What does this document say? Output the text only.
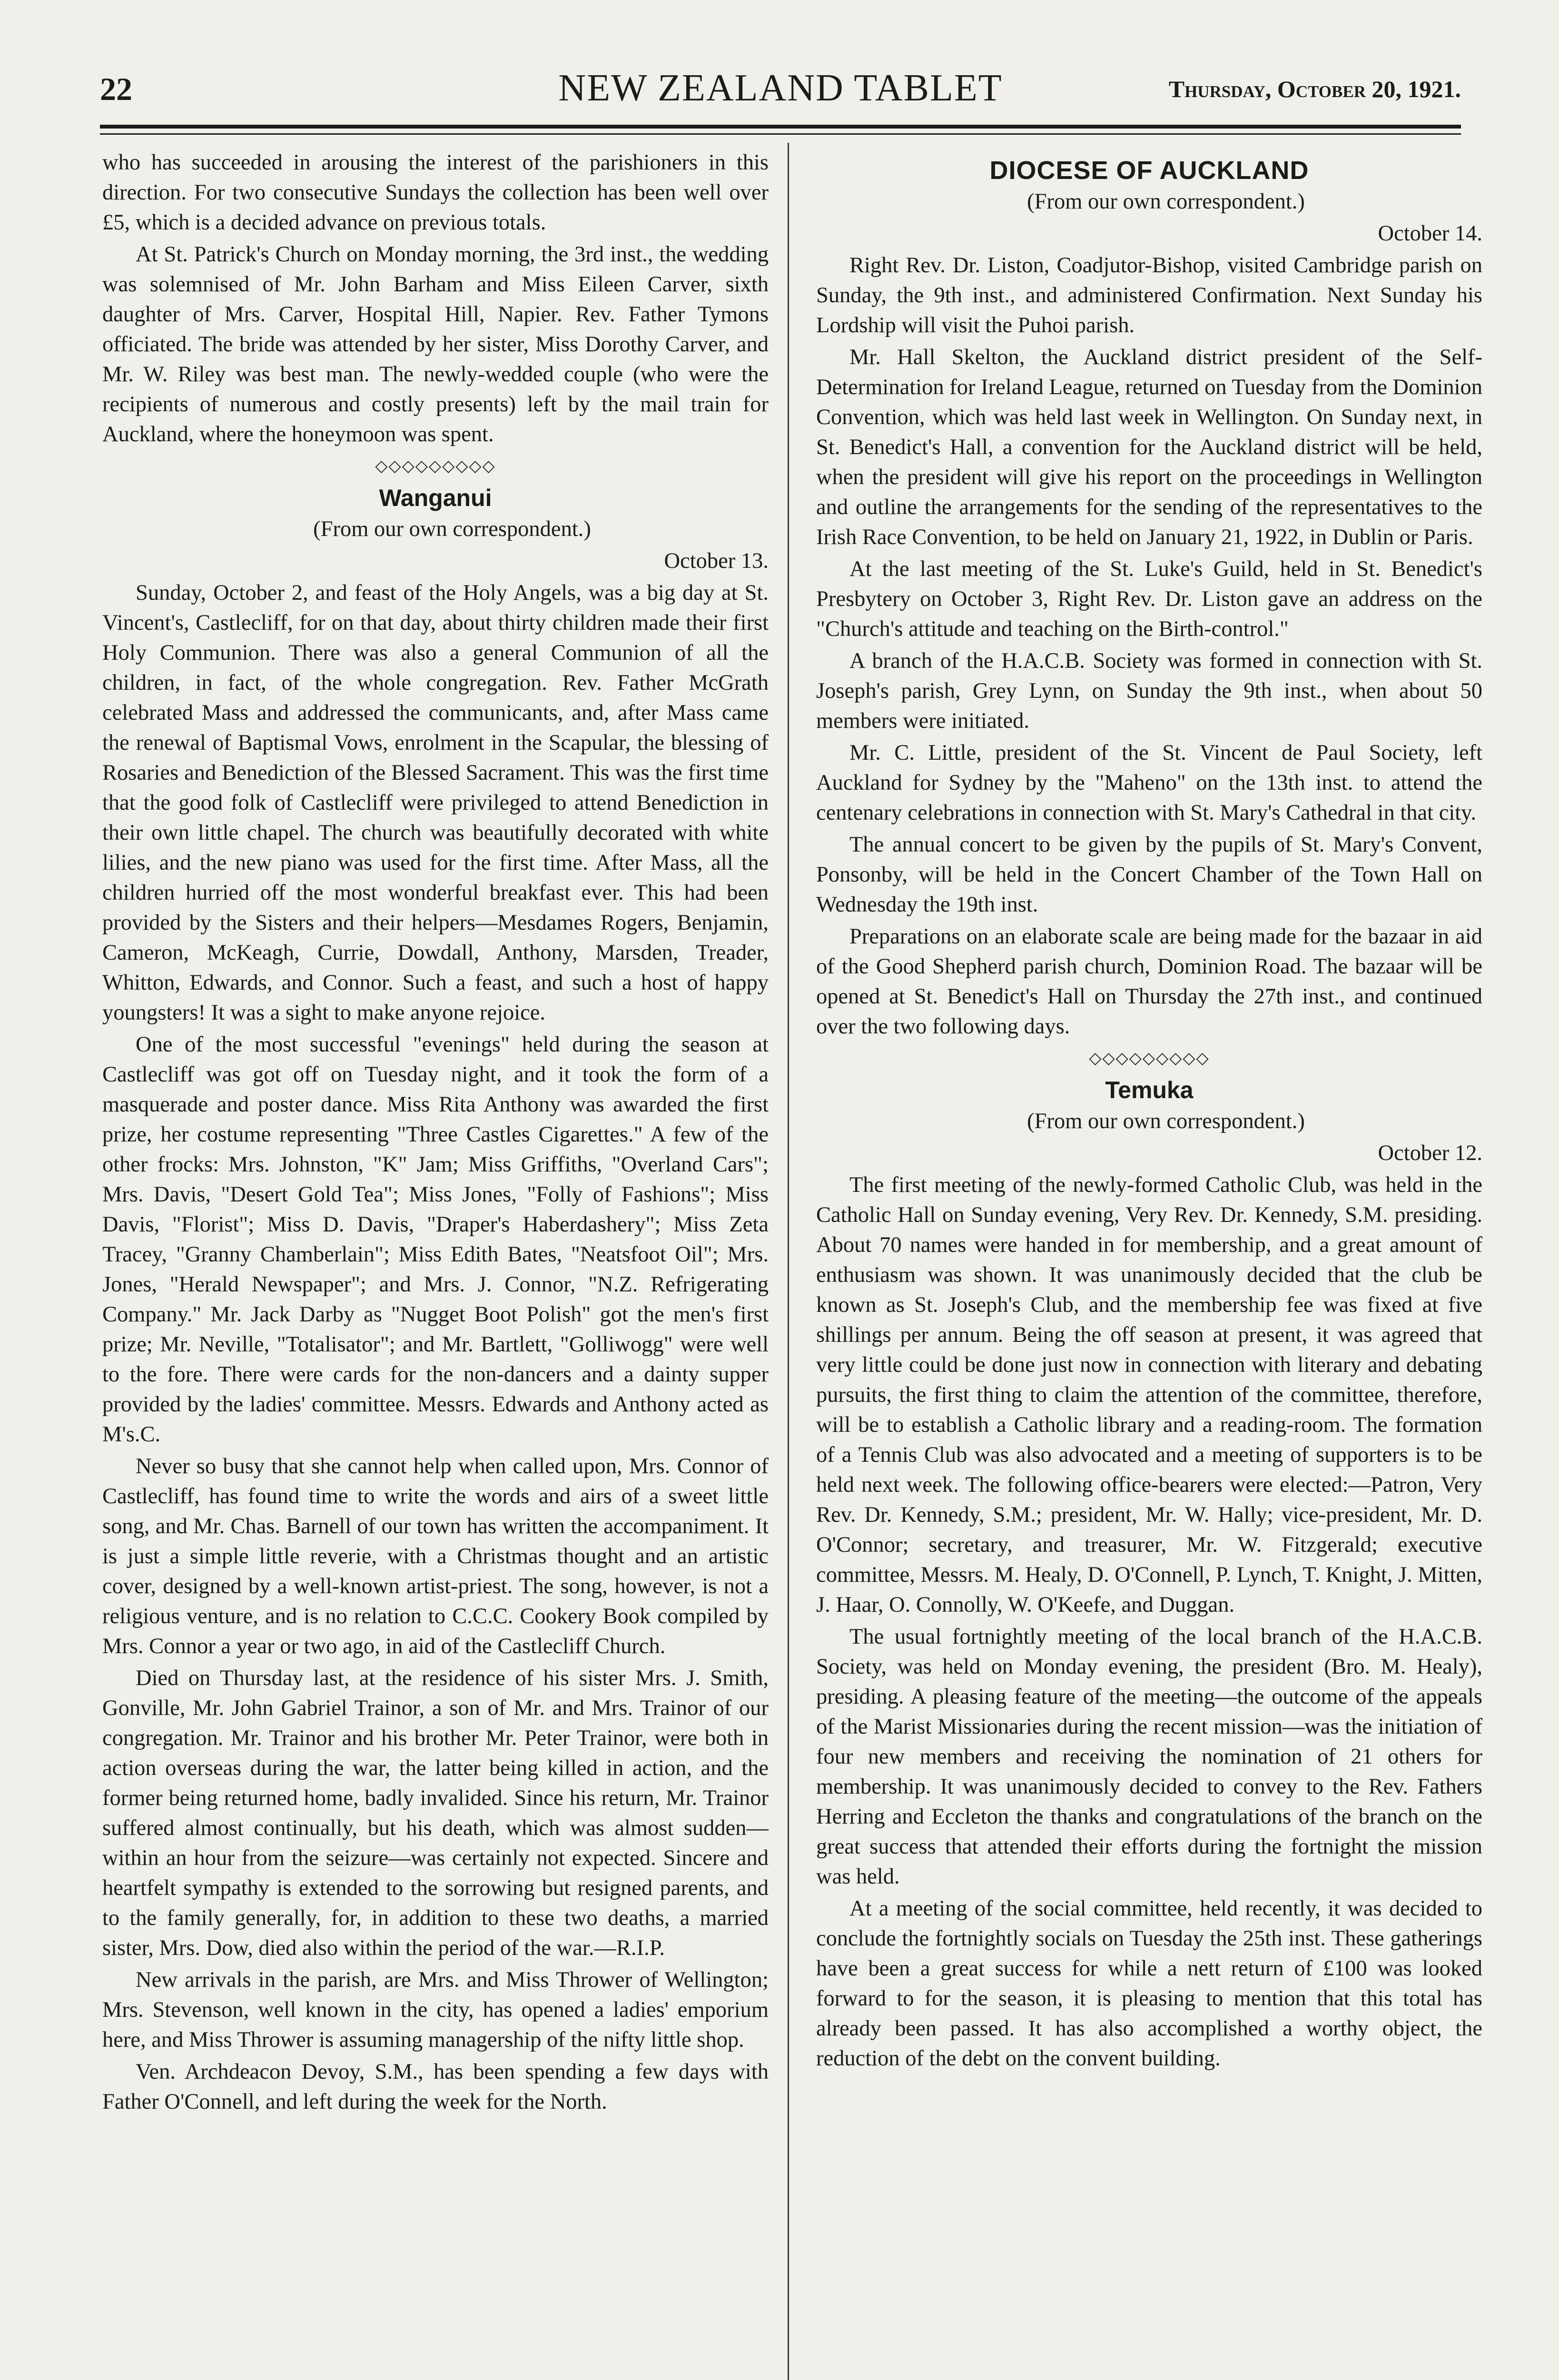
22	NEW ZEALAND TABLET	Thursday, October 20, 1921.

who has succeeded in arousing the interest of the parishioners in this direction. For two consecutive Sundays the collection has been well over £5, which is a decided advance on previous totals.

At St. Patrick's Church on Monday morning, the 3rd inst., the wedding was solemnised of Mr. John Barham and Miss Eileen Carver, sixth daughter of Mrs. Carver, Hospital Hill, Napier. Rev. Father Tymons officiated. The bride was attended by her sister, Miss Dorothy Carver, and Mr. W. Riley was best man. The newly-wedded couple (who were the recipients of numerous and costly presents) left by the mail train for Auckland, where the honeymoon was spent.

◇◇◇◇◇◇◇◇◇
Wanganui

(From our own correspondent.)

October 13.

Sunday, October 2, and feast of the Holy Angels, was a big day at St. Vincent's, Castlecliff, for on that day, about thirty children made their first Holy Communion. There was also a general Communion of all the children, in fact, of the whole congregation. Rev. Father McGrath celebrated Mass and addressed the communicants, and, after Mass came the renewal of Baptismal Vows, enrolment in the Scapular, the blessing of Rosaries and Benediction of the Blessed Sacrament. This was the first time that the good folk of Castlecliff were privileged to attend Benediction in their own little chapel. The church was beautifully decorated with white lilies, and the new piano was used for the first time. After Mass, all the children hurried off the most wonderful breakfast ever. This had been provided by the Sisters and their helpers—Mesdames Rogers, Benjamin, Cameron, McKeagh, Currie, Dowdall, Anthony, Marsden, Treader, Whitton, Edwards, and Connor. Such a feast, and such a host of happy youngsters! It was a sight to make anyone rejoice.

One of the most successful "evenings" held during the season at Castlecliff was got off on Tuesday night, and it took the form of a masquerade and poster dance. Miss Rita Anthony was awarded the first prize, her costume representing "Three Castles Cigarettes." A few of the other frocks: Mrs. Johnston, "K" Jam; Miss Griffiths, "Overland Cars"; Mrs. Davis, "Desert Gold Tea"; Miss Jones, "Folly of Fashions"; Miss Davis, "Florist"; Miss D. Davis, "Draper's Haberdashery"; Miss Zeta Tracey, "Granny Chamberlain"; Miss Edith Bates, "Neatsfoot Oil"; Mrs. Jones, "Herald Newspaper"; and Mrs. J. Connor, "N.Z. Refrigerating Company." Mr. Jack Darby as "Nugget Boot Polish" got the men's first prize; Mr. Neville, "Totalisator"; and Mr. Bartlett, "Golliwogg" were well to the fore. There were cards for the non-dancers and a dainty supper provided by the ladies' committee. Messrs. Edwards and Anthony acted as M's.C.

Never so busy that she cannot help when called upon, Mrs. Connor of Castlecliff, has found time to write the words and airs of a sweet little song, and Mr. Chas. Barnell of our town has written the accompaniment. It is just a simple little reverie, with a Christmas thought and an artistic cover, designed by a well-known artist-priest. The song, however, is not a religious venture, and is no relation to C.C.C. Cookery Book compiled by Mrs. Connor a year or two ago, in aid of the Castlecliff Church.

Died on Thursday last, at the residence of his sister Mrs. J. Smith, Gonville, Mr. John Gabriel Trainor, a son of Mr. and Mrs. Trainor of our congregation. Mr. Trainor and his brother Mr. Peter Trainor, were both in action overseas during the war, the latter being killed in action, and the former being returned home, badly invalided. Since his return, Mr. Trainor suffered almost continually, but his death, which was almost sudden—within an hour from the seizure—was certainly not expected. Sincere and heartfelt sympathy is extended to the sorrowing but resigned parents, and to the family generally, for, in addition to these two deaths, a married sister, Mrs. Dow, died also within the period of the war.—R.I.P.

New arrivals in the parish, are Mrs. and Miss Thrower of Wellington; Mrs. Stevenson, well known in the city, has opened a ladies' emporium here, and Miss Thrower is assuming managership of the nifty little shop.

Ven. Archdeacon Devoy, S.M., has been spending a few days with Father O'Connell, and left during the week for the North.

DIOCESE OF AUCKLAND

(From our own correspondent.)

October 14.

Right Rev. Dr. Liston, Coadjutor-Bishop, visited Cambridge parish on Sunday, the 9th inst., and administered Confirmation. Next Sunday his Lordship will visit the Puhoi parish.

Mr. Hall Skelton, the Auckland district president of the Self-Determination for Ireland League, returned on Tuesday from the Dominion Convention, which was held last week in Wellington. On Sunday next, in St. Benedict's Hall, a convention for the Auckland district will be held, when the president will give his report on the proceedings in Wellington and outline the arrangements for the sending of the representatives to the Irish Race Convention, to be held on January 21, 1922, in Dublin or Paris.

At the last meeting of the St. Luke's Guild, held in St. Benedict's Presbytery on October 3, Right Rev. Dr. Liston gave an address on the "Church's attitude and teaching on the Birth-control."

A branch of the H.A.C.B. Society was formed in connection with St. Joseph's parish, Grey Lynn, on Sunday the 9th inst., when about 50 members were initiated.

Mr. C. Little, president of the St. Vincent de Paul Society, left Auckland for Sydney by the "Maheno" on the 13th inst. to attend the centenary celebrations in connection with St. Mary's Cathedral in that city.

The annual concert to be given by the pupils of St. Mary's Convent, Ponsonby, will be held in the Concert Chamber of the Town Hall on Wednesday the 19th inst.

Preparations on an elaborate scale are being made for the bazaar in aid of the Good Shepherd parish church, Dominion Road. The bazaar will be opened at St. Benedict's Hall on Thursday the 27th inst., and continued over the two following days.

◇◇◇◇◇◇◇◇◇
Temuka

(From our own correspondent.)

October 12.

The first meeting of the newly-formed Catholic Club, was held in the Catholic Hall on Sunday evening, Very Rev. Dr. Kennedy, S.M. presiding. About 70 names were handed in for membership, and a great amount of enthusiasm was shown. It was unanimously decided that the club be known as St. Joseph's Club, and the membership fee was fixed at five shillings per annum. Being the off season at present, it was agreed that very little could be done just now in connection with literary and debating pursuits, the first thing to claim the attention of the committee, therefore, will be to establish a Catholic library and a reading-room. The formation of a Tennis Club was also advocated and a meeting of supporters is to be held next week. The following office-bearers were elected:—Patron, Very Rev. Dr. Kennedy, S.M.; president, Mr. W. Hally; vice-president, Mr. D. O'Connor; secretary, and treasurer, Mr. W. Fitzgerald; executive committee, Messrs. M. Healy, D. O'Connell, P. Lynch, T. Knight, J. Mitten, J. Haar, O. Connolly, W. O'Keefe, and Duggan.

The usual fortnightly meeting of the local branch of the H.A.C.B. Society, was held on Monday evening, the president (Bro. M. Healy), presiding. A pleasing feature of the meeting—the outcome of the appeals of the Marist Missionaries during the recent mission—was the initiation of four new members and receiving the nomination of 21 others for membership. It was unanimously decided to convey to the Rev. Fathers Herring and Eccleton the thanks and congratulations of the branch on the great success that attended their efforts during the fortnight the mission was held.

At a meeting of the social committee, held recently, it was decided to conclude the fortnightly socials on Tuesday the 25th inst. These gatherings have been a great success for while a nett return of £100 was looked forward to for the season, it is pleasing to mention that this total has already been passed. It has also accomplished a worthy object, the reduction of the debt on the convent building.
